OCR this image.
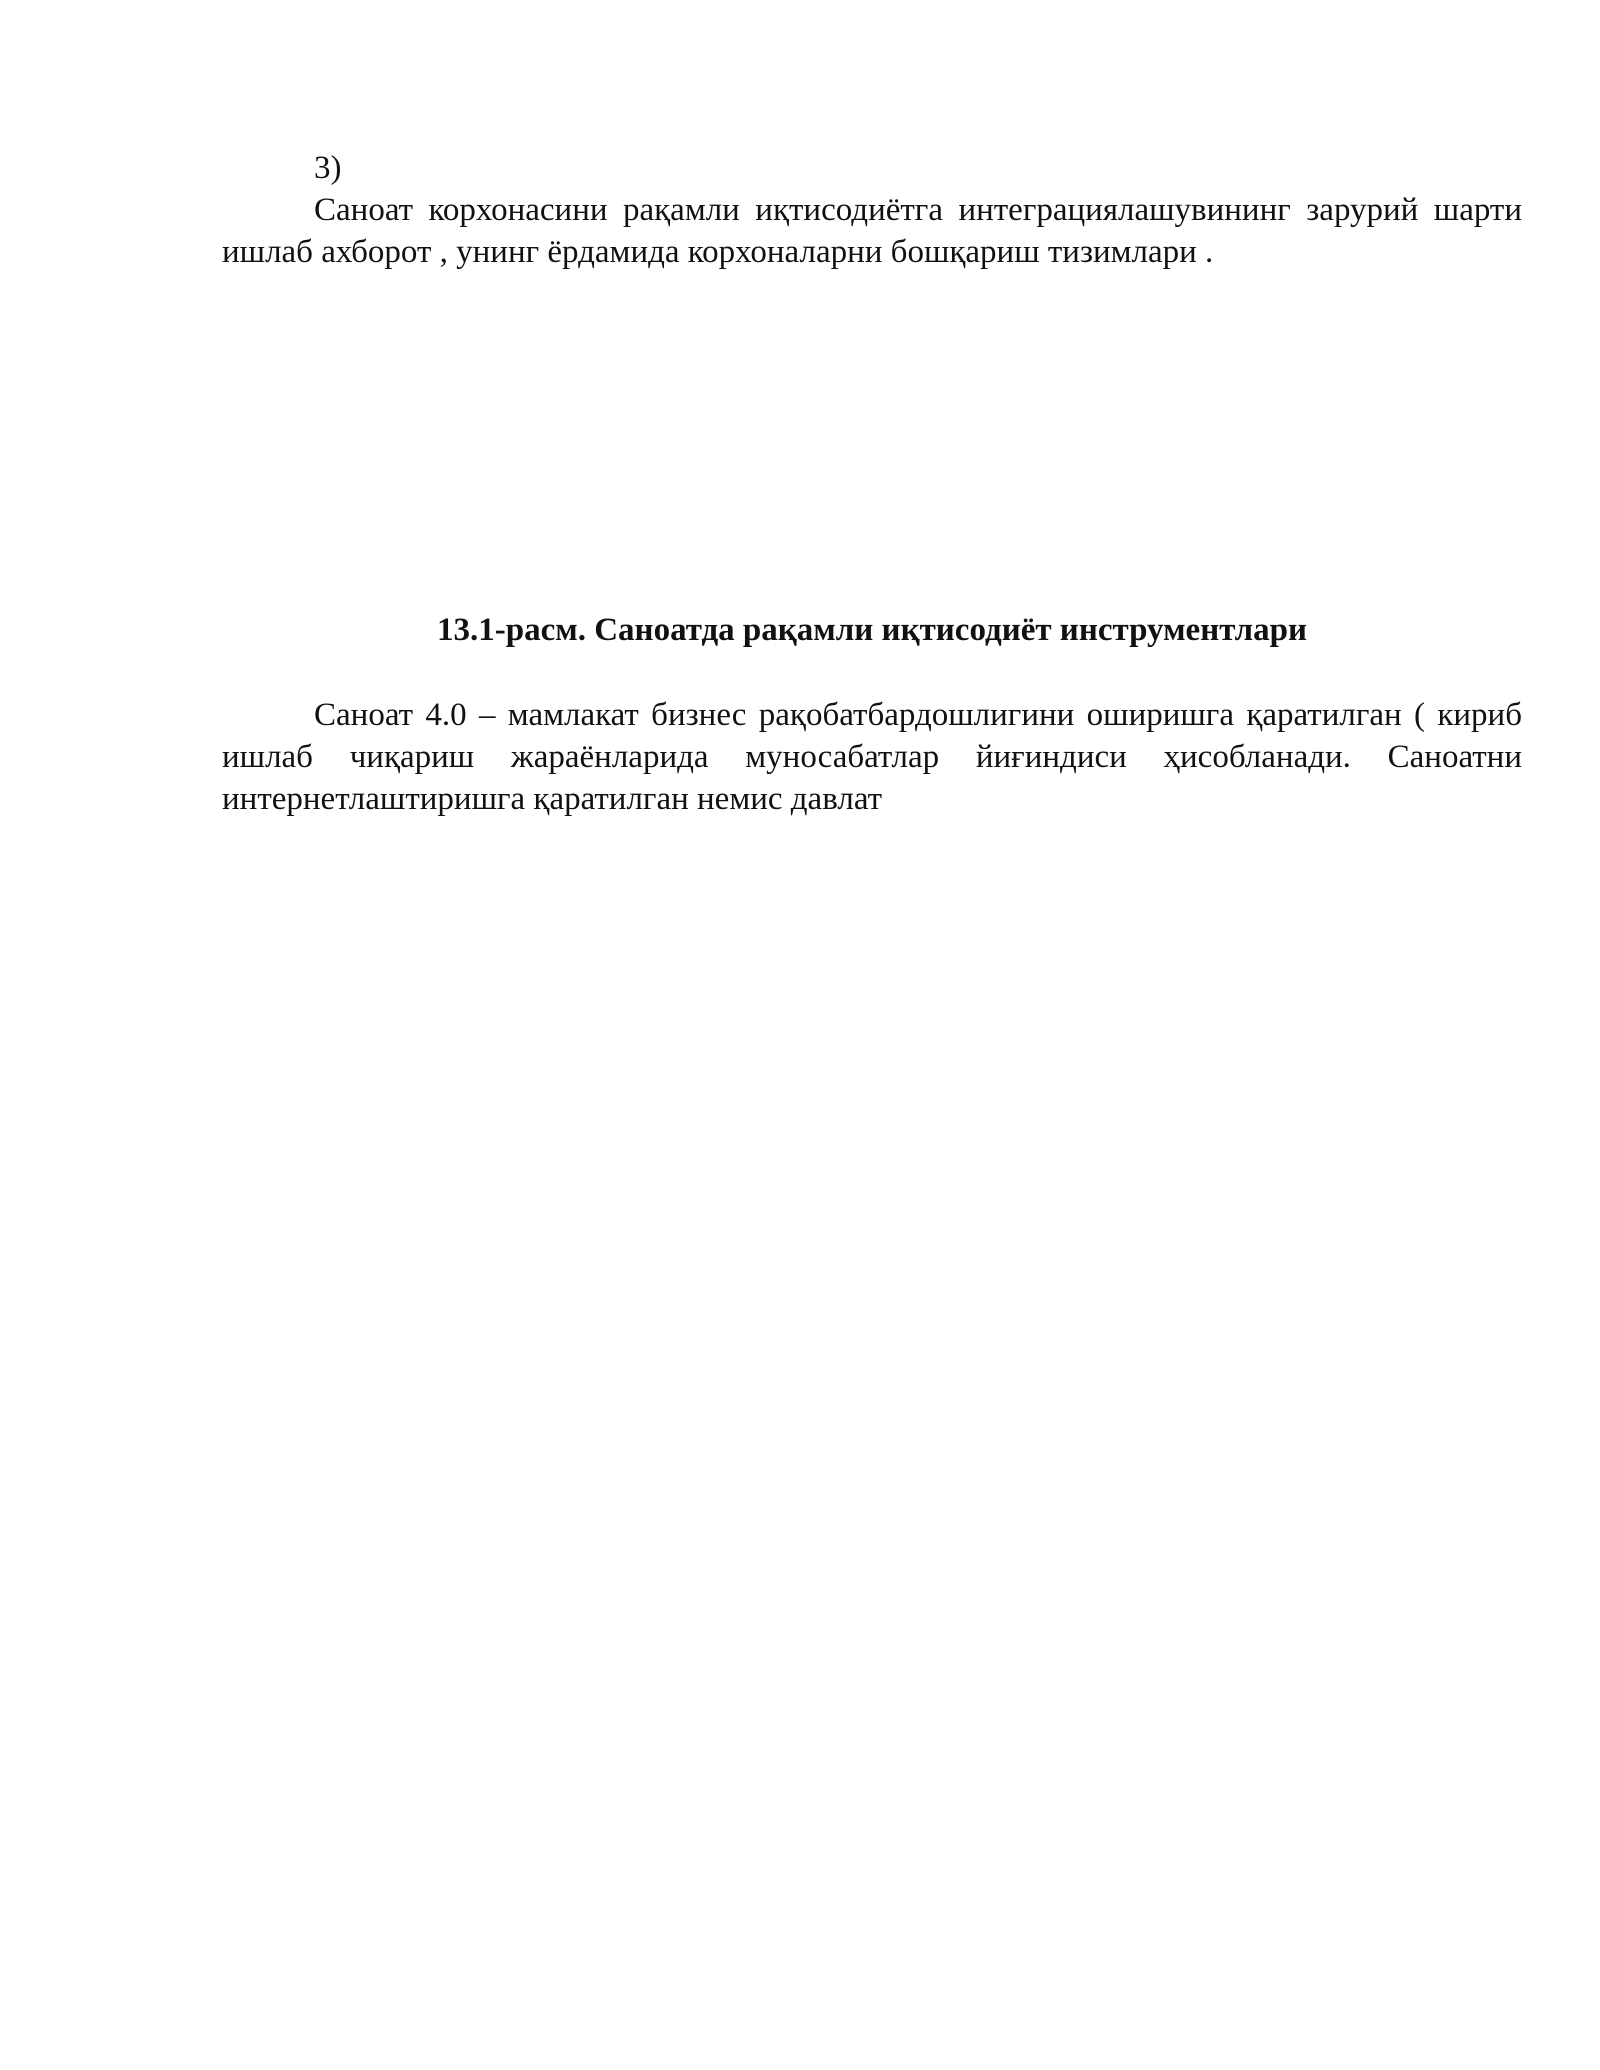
3)

Саноат корхонасини рақамли иқтисодиётга интеграциялашувининг зарурий шарти ишлаб ахборот , унинг ёрдамида корхоналарни бошқариш тизимлари .

13.1-расм. Саноатда рақамли иқтисодиёт инструментлари

Саноат 4.0 – мамлакат бизнес рақобатбардошлигини оширишга қаратилган ( кириб ишлаб чиқариш жараёнларида муносабатлар йиғиндиси ҳисобланади. Саноатни интернетлаштиришга қаратилган немис давлат
